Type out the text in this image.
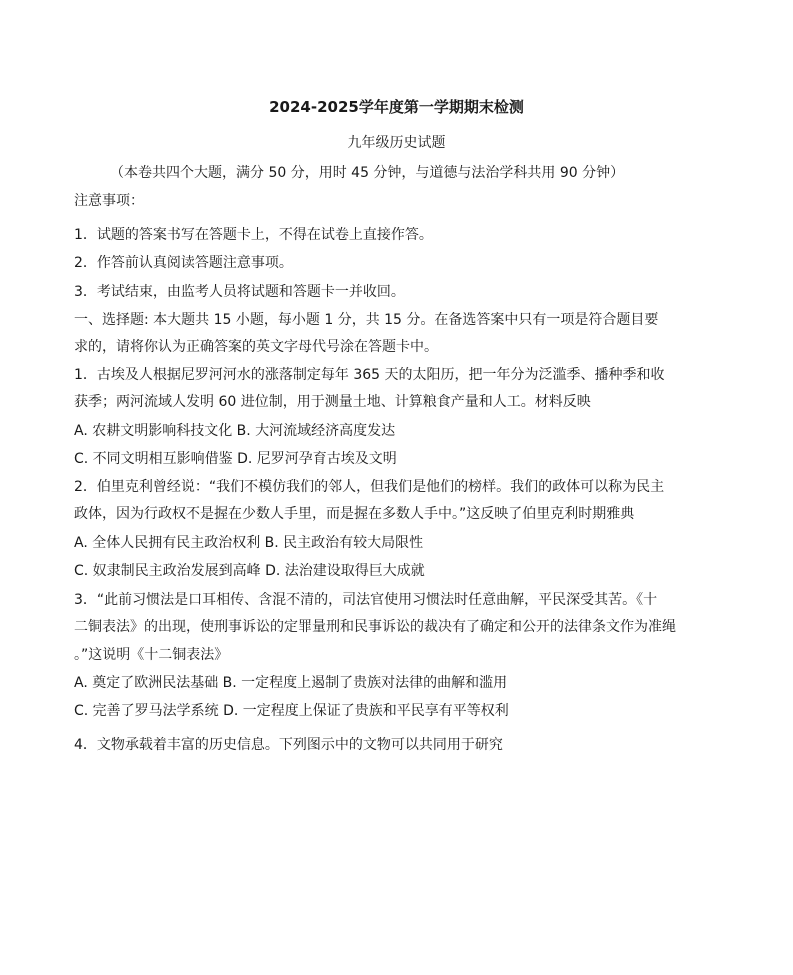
2024-2025学年度第一学期期末检测
九年级历史试题
（本卷共四个大题，满分 50 分，用时 45 分钟，与道德与法治学科共用 90 分钟）
注意事项：
1．试题的答案书写在答题卡上，不得在试卷上直接作答。
2．作答前认真阅读答题注意事项。
3．考试结束，由监考人员将试题和答题卡一并收回。
一、选择题: 本大题共 15 小题，每小题 1 分，共 15 分。在备选答案中只有一项是符合题目要
求的，请将你认为正确答案的英文字母代号涂在答题卡中。
1．古埃及人根据尼罗河河水的涨落制定每年 365 天的太阳历，把一年分为泛滥季、播种季和收
获季；两河流域人发明 60 进位制，用于测量土地、计算粮食产量和人工。材料反映
A. 农耕文明影响科技文化 B. 大河流域经济高度发达
C. 不同文明相互影响借鉴 D. 尼罗河孕育古埃及文明
2．伯里克利曾经说：“我们不模仿我们的邻人，但我们是他们的榜样。我们的政体可以称为民主
政体，因为行政权不是握在少数人手里，而是握在多数人手中。”这反映了伯里克利时期雅典
A. 全体人民拥有民主政治权利 B. 民主政治有较大局限性
C. 奴隶制民主政治发展到高峰 D. 法治建设取得巨大成就
3．“此前习惯法是口耳相传、含混不清的，司法官使用习惯法时任意曲解，平民深受其苦。《十
二铜表法》的出现，使刑事诉讼的定罪量刑和民事诉讼的裁决有了确定和公开的法律条文作为准绳
。”这说明《十二铜表法》
A. 奠定了欧洲民法基础 B. 一定程度上遏制了贵族对法律的曲解和滥用
C. 完善了罗马法学系统 D. 一定程度上保证了贵族和平民享有平等权利
4．文物承载着丰富的历史信息。下列图示中的文物可以共同用于研究
